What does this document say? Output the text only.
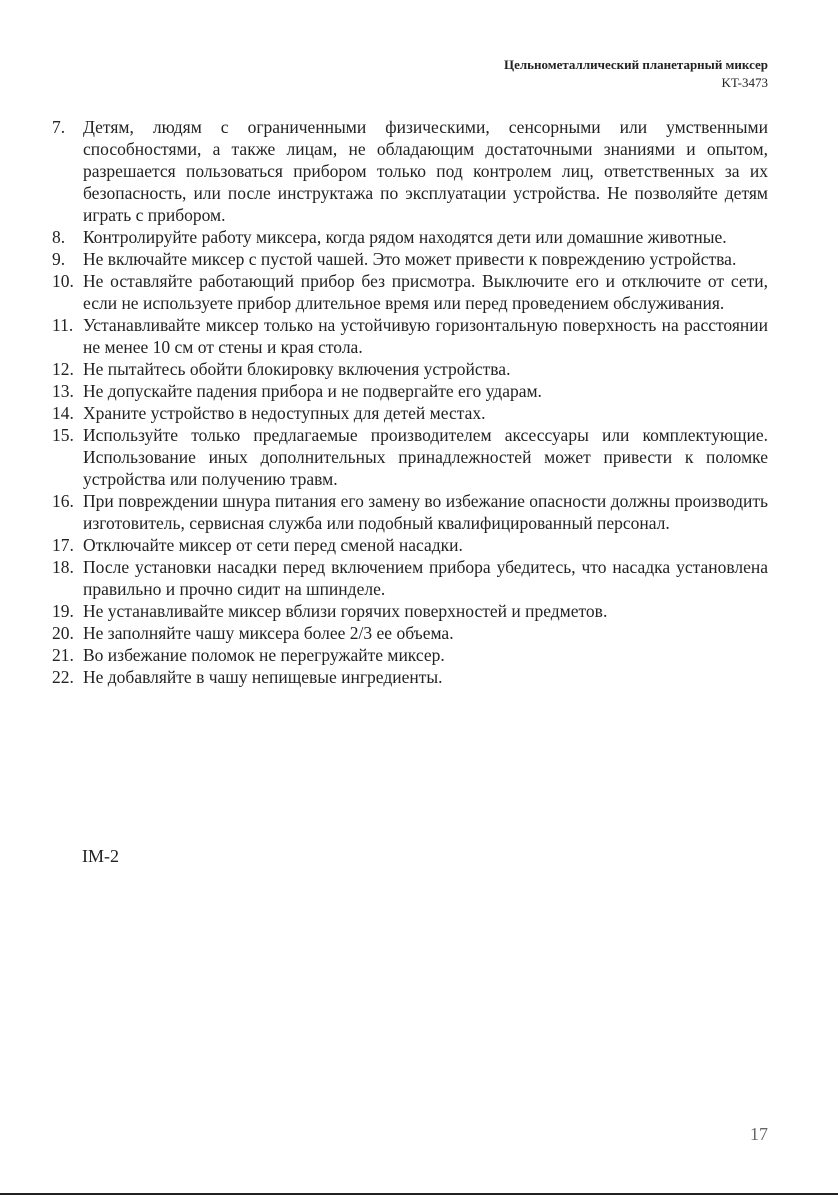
Цельнометаллический планетарный миксер
KT-3473
7. Детям, людям с ограниченными физическими, сенсорными или умственными способностями, а также лицам, не обладающим достаточными знаниями и опытом, разрешается пользоваться прибором только под контролем лиц, ответственных за их безопасность, или после инструктажа по эксплуатации устройства. Не позволяйте детям играть с прибором.
8. Контролируйте работу миксера, когда рядом находятся дети или домашние животные.
9. Не включайте миксер с пустой чашей. Это может привести к повреждению устройства.
10. Не оставляйте работающий прибор без присмотра. Выключите его и отключите от сети, если не используете прибор длительное время или перед проведением обслуживания.
11. Устанавливайте миксер только на устойчивую горизонтальную поверхность на расстоянии не менее 10 см от стены и края стола.
12. Не пытайтесь обойти блокировку включения устройства.
13. Не допускайте падения прибора и не подвергайте его ударам.
14. Храните устройство в недоступных для детей местах.
15. Используйте только предлагаемые производителем аксессуары или комплектующие. Использование иных дополнительных принадлежностей может привести к поломке устройства или получению травм.
16. При повреждении шнура питания его замену во избежание опасности должны производить изготовитель, сервисная служба или подобный квалифицированный персонал.
17. Отключайте миксер от сети перед сменой насадки.
18. После установки насадки перед включением прибора убедитесь, что насадка установлена правильно и прочно сидит на шпинделе.
19. Не устанавливайте миксер вблизи горячих поверхностей и предметов.
20. Не заполняйте чашу миксера более 2/3 ее объема.
21. Во избежание поломок не перегружайте миксер.
22. Не добавляйте в чашу непищевые ингредиенты.
IM-2
17
